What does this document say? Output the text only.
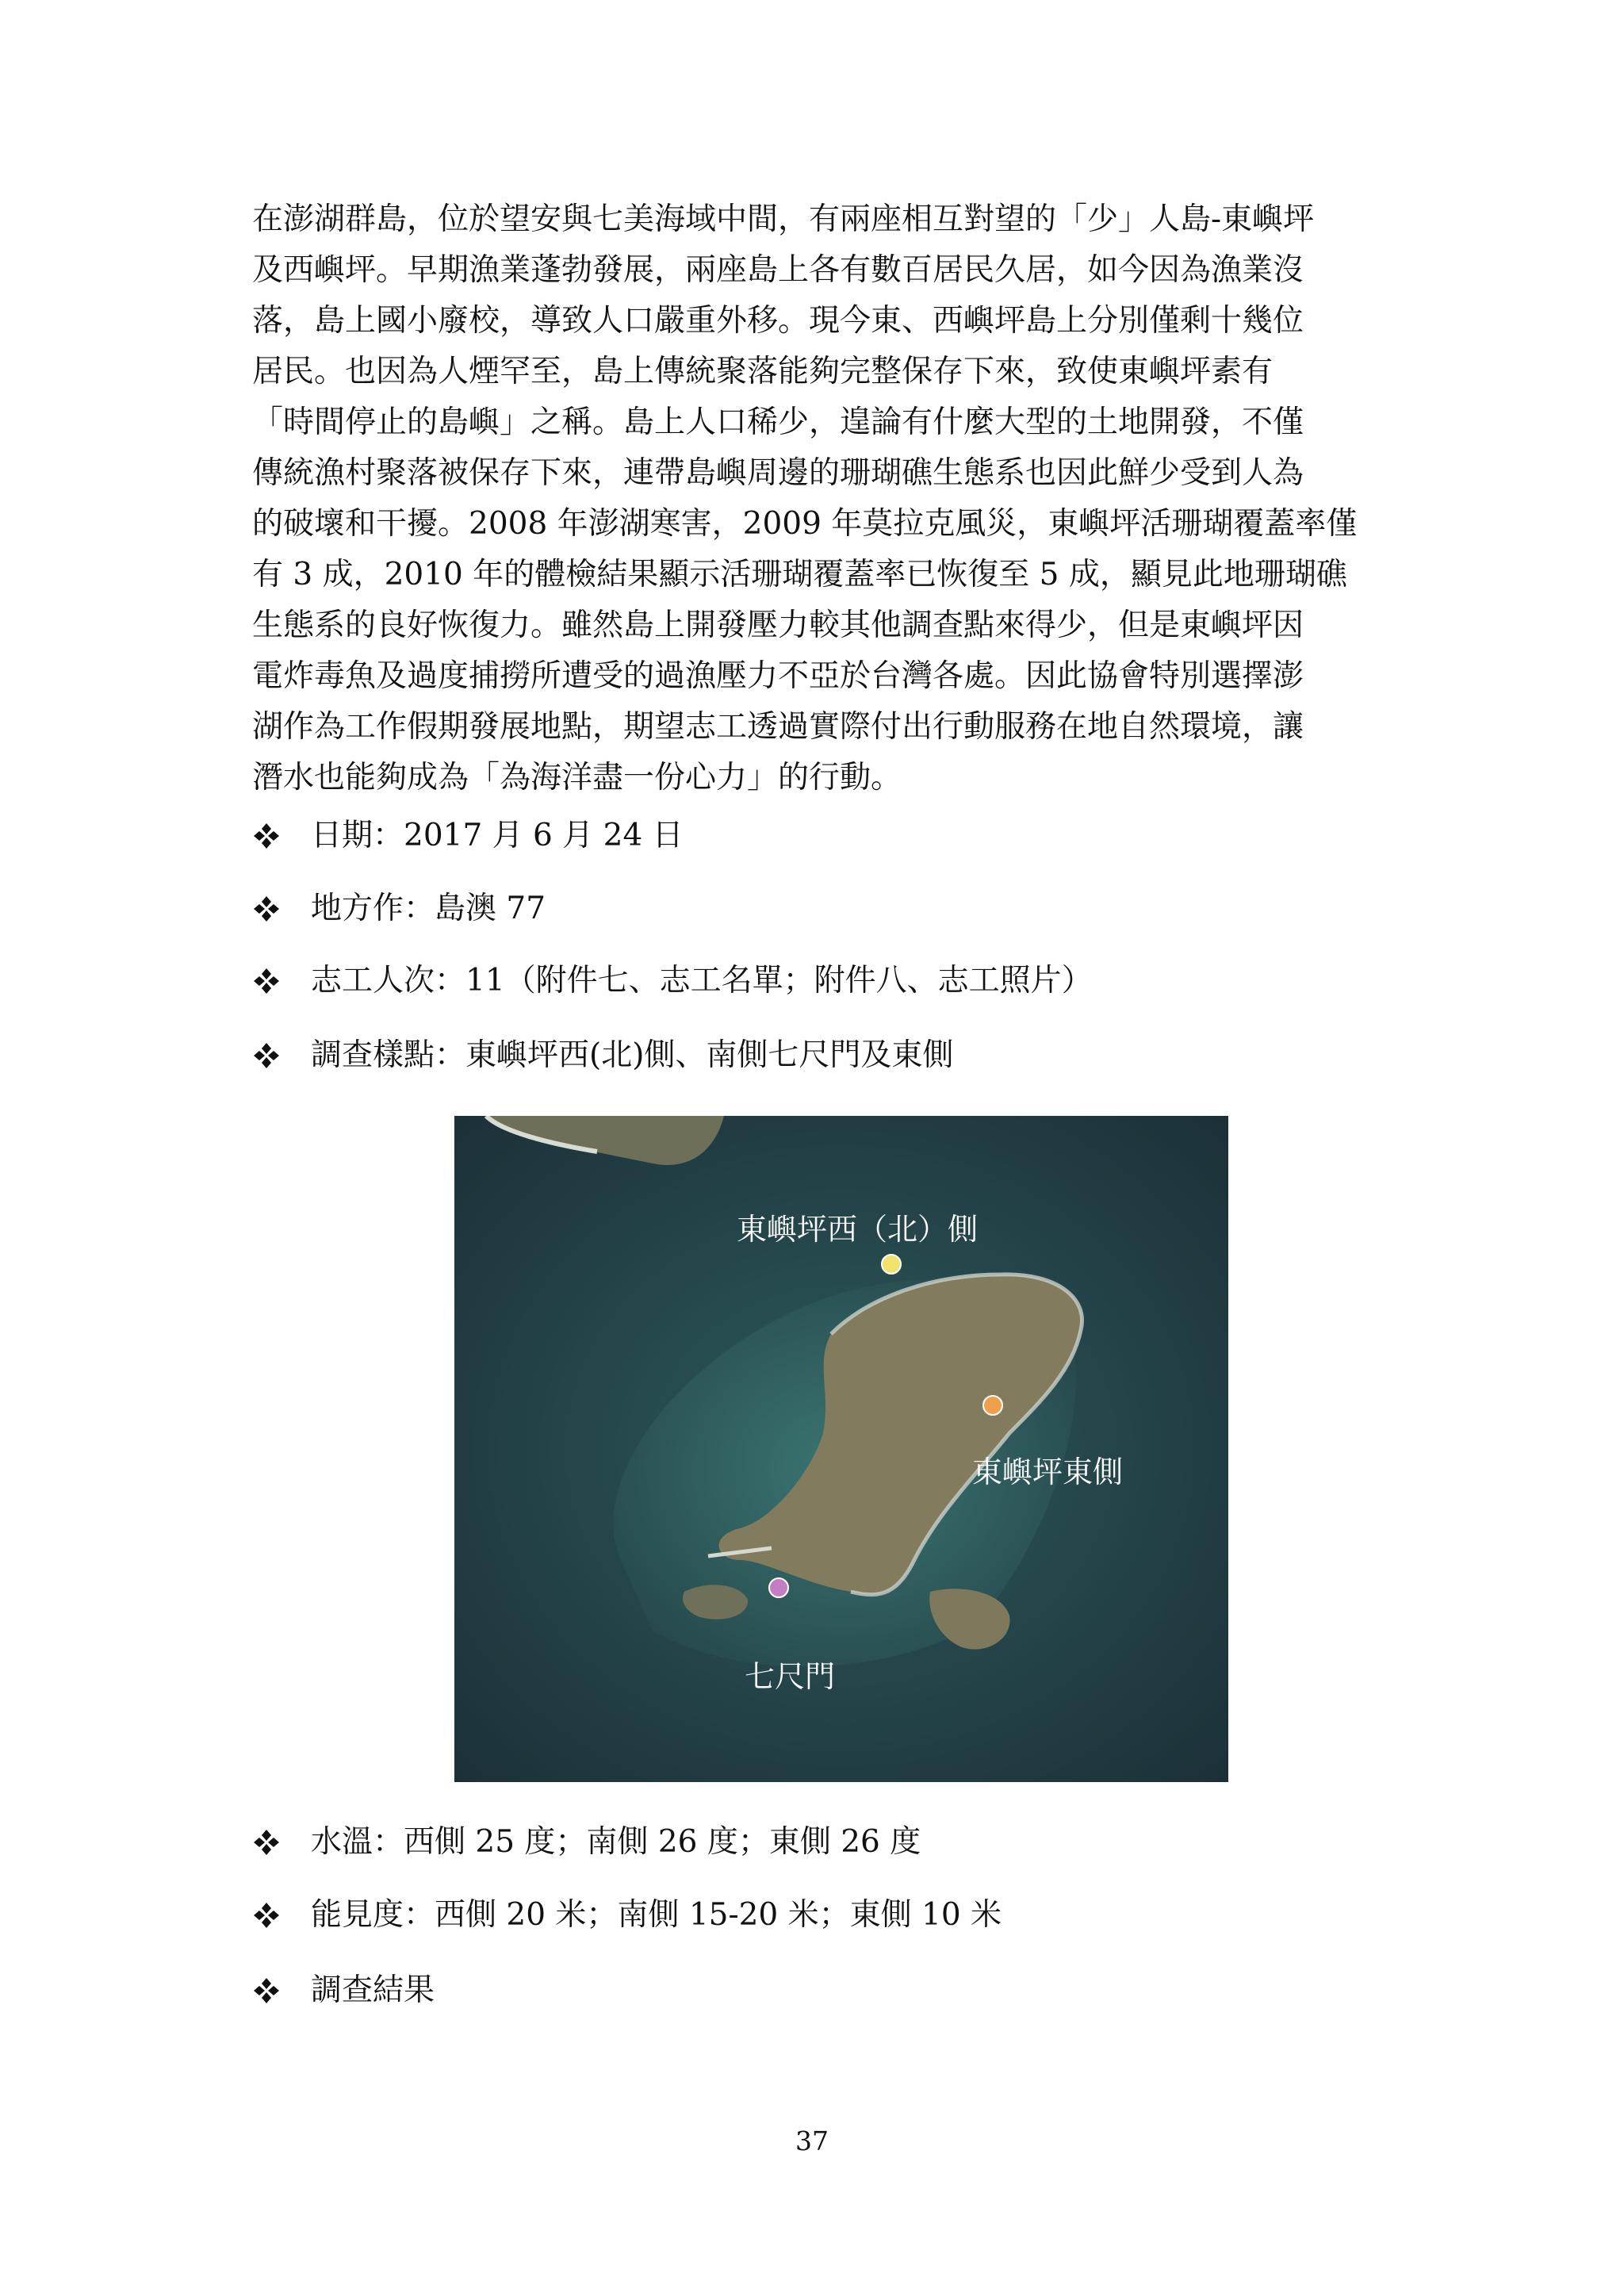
在澎湖群島，位於望安與七美海域中間，有兩座相互對望的「少」人島-東嶼坪
及西嶼坪。早期漁業蓬勃發展，兩座島上各有數百居民久居，如今因為漁業沒
落，島上國小廢校，導致人口嚴重外移。現今東、西嶼坪島上分別僅剩十幾位
居民。也因為人煙罕至，島上傳統聚落能夠完整保存下來，致使東嶼坪素有
「時間停止的島嶼」之稱。島上人口稀少，遑論有什麼大型的土地開發，不僅
傳統漁村聚落被保存下來，連帶島嶼周邊的珊瑚礁生態系也因此鮮少受到人為
的破壞和干擾。2008 年澎湖寒害，2009 年莫拉克風災，東嶼坪活珊瑚覆蓋率僅
有 3 成，2010 年的體檢結果顯示活珊瑚覆蓋率已恢復至 5 成，顯見此地珊瑚礁
生態系的良好恢復力。雖然島上開發壓力較其他調查點來得少，但是東嶼坪因
電炸毒魚及過度捕撈所遭受的過漁壓力不亞於台灣各處。因此協會特別選擇澎
湖作為工作假期發展地點，期望志工透過實際付出行動服務在地自然環境，讓
潛水也能夠成為「為海洋盡一份心力」的行動。
日期：2017 月 6 月 24 日
地方作：島澳 77
志工人次：11（附件七、志工名單；附件八、志工照片）
調查樣點：東嶼坪西(北)側、南側七尺門及東側
東嶼坪西（北）側
東嶼坪東側
七尺門
水溫：西側 25 度；南側 26 度；東側 26 度
能見度：西側 20 米；南側 15-20 米；東側 10 米
調查結果
37
